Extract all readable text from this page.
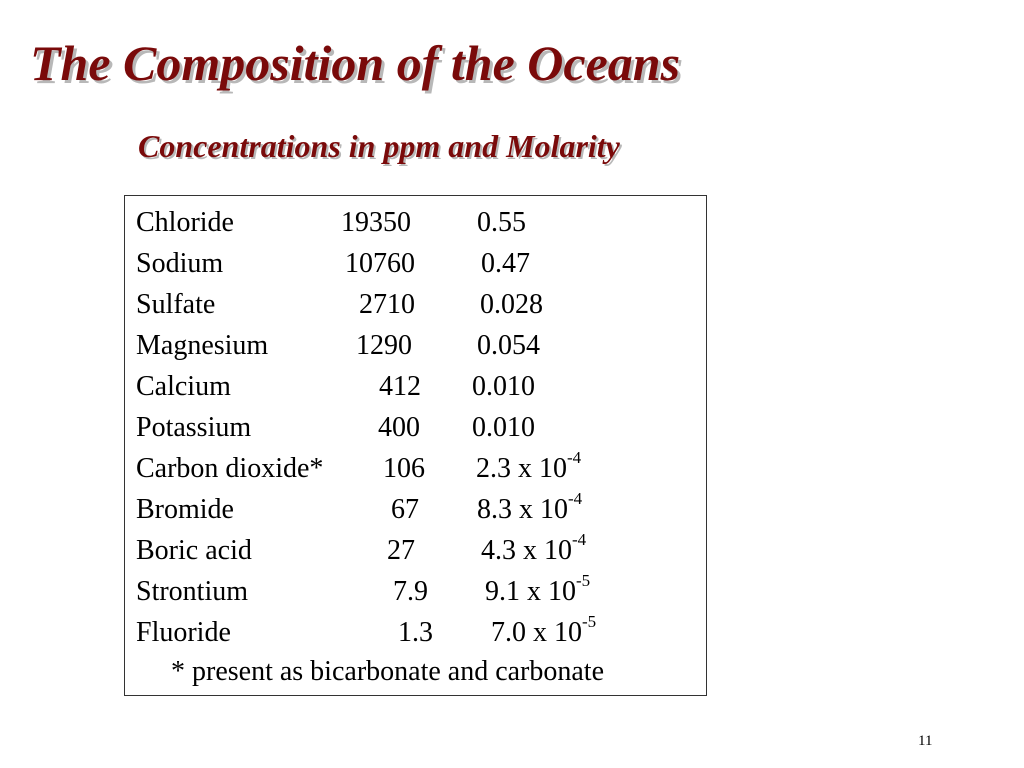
The Composition of the Oceans
Concentrations in ppm and Molarity
Chloride	19350 0.55
Sodium	10760 0.47
Sulfate	2710 0.028
Magnesium	1290 0.054
Calcium	412 0.010
Potassium	400 0.010
Carbon dioxide* 106 2.3 x $10^{-4}$
Bromide	67 8.3 x $10^{-4}$
Boric acid	27 4.3 x $10^{-4}$
Strontium	7.9 9.1 x $10^{-5}$
Fluoride	1.3 7.0 x $10^{-5}$
* present as bicarbonate and carbonate
11
